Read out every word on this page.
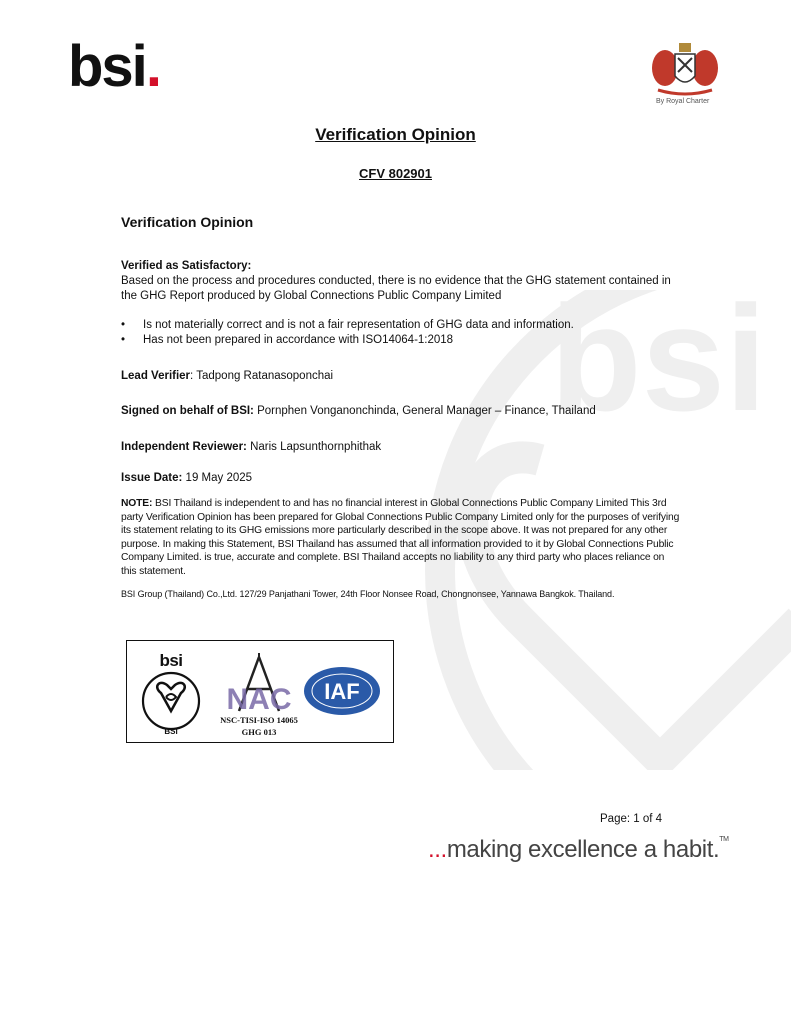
bsi
bsi.
By Royal Charter
Verification Opinion
CFV 802901
Verification Opinion
Verified as Satisfactory:
Based on the process and procedures conducted, there is no evidence that the GHG statement contained in the GHG Report produced by Global Connections Public Company Limited
• Is not materially correct and is not a fair representation of GHG data and information.
• Has not been prepared in accordance with ISO14064-1:2018
Lead Verifier: Tadpong Ratanasoponchai
Signed on behalf of BSI: Pornphen Vonganonchinda, General Manager – Finance, Thailand
Independent Reviewer: Naris Lapsunthornphithak
Issue Date: 19 May 2025
NOTE: BSI Thailand is independent to and has no financial interest in Global Connections Public Company Limited This 3rd party Verification Opinion has been prepared for Global Connections Public Company Limited only for the purposes of verifying its statement relating to its GHG emissions more particularly described in the scope above. It was not prepared for any other purpose. In making this Statement, BSI Thailand has assumed that all information provided to it by Global Connections Public Company Limited. is true, accurate and complete. BSI Thailand accepts no liability to any third party who places reliance on this statement.
BSI Group (Thailand) Co.,Ltd. 127/29 Panjathani Tower, 24th Floor Nonsee Road, Chongnonsee, Yannawa Bangkok. Thailand.
bsi
BSI
NAC
NSC-TISI-ISO 14065
GHG 013
IAF
Page: 1 of 4
...making excellence a habit.™
